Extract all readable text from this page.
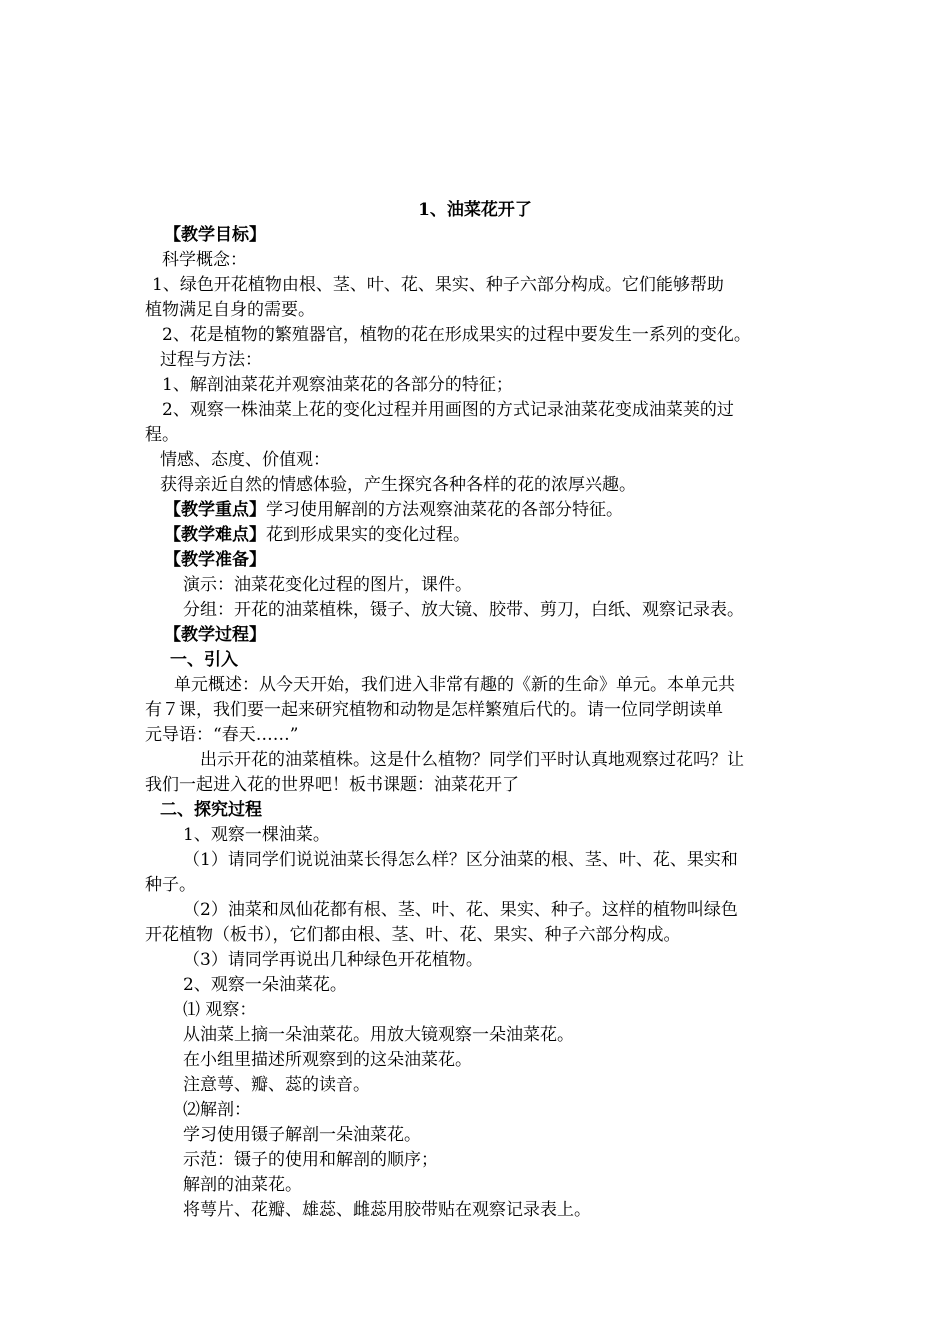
1、油菜花开了
【教学目标】
科学概念：
1、绿色开花植物由根、茎、叶、花、果实、种子六部分构成。它们能够帮助
植物满足自身的需要。
2、花是植物的繁殖器官，植物的花在形成果实的过程中要发生一系列的变化。
过程与方法：
1、解剖油菜花并观察油菜花的各部分的特征；
2、观察一株油菜上花的变化过程并用画图的方式记录油菜花变成油菜荚的过
程。
情感、态度、价值观：
获得亲近自然的情感体验，产生探究各种各样的花的浓厚兴趣。
【教学重点】学习使用解剖的方法观察油菜花的各部分特征。
【教学难点】花到形成果实的变化过程。
【教学准备】
演示：油菜花变化过程的图片，课件。
分组：开花的油菜植株，镊子、放大镜、胶带、剪刀，白纸、观察记录表。
【教学过程】
一、引入
单元概述：从今天开始，我们进入非常有趣的《新的生命》单元。本单元共
有７课，我们要一起来研究植物和动物是怎样繁殖后代的。请一位同学朗读单
元导语：“春天……”
出示开花的油菜植株。这是什么植物？同学们平时认真地观察过花吗？让
我们一起进入花的世界吧！板书课题：油菜花开了
二、探究过程
1、观察一棵油菜。
（1）请同学们说说油菜长得怎么样？区分油菜的根、茎、叶、花、果实和
种子。
（2）油菜和凤仙花都有根、茎、叶、花、果实、种子。这样的植物叫绿色
开花植物（板书），它们都由根、茎、叶、花、果实、种子六部分构成。
（3）请同学再说出几种绿色开花植物。
2、观察一朵油菜花。
⑴ 观察：
从油菜上摘一朵油菜花。用放大镜观察一朵油菜花。
在小组里描述所观察到的这朵油菜花。
注意萼、瓣、蕊的读音。
⑵解剖：
学习使用镊子解剖一朵油菜花。
示范：镊子的使用和解剖的顺序；
解剖的油菜花。
将萼片、花瓣、雄蕊、雌蕊用胶带贴在观察记录表上。
